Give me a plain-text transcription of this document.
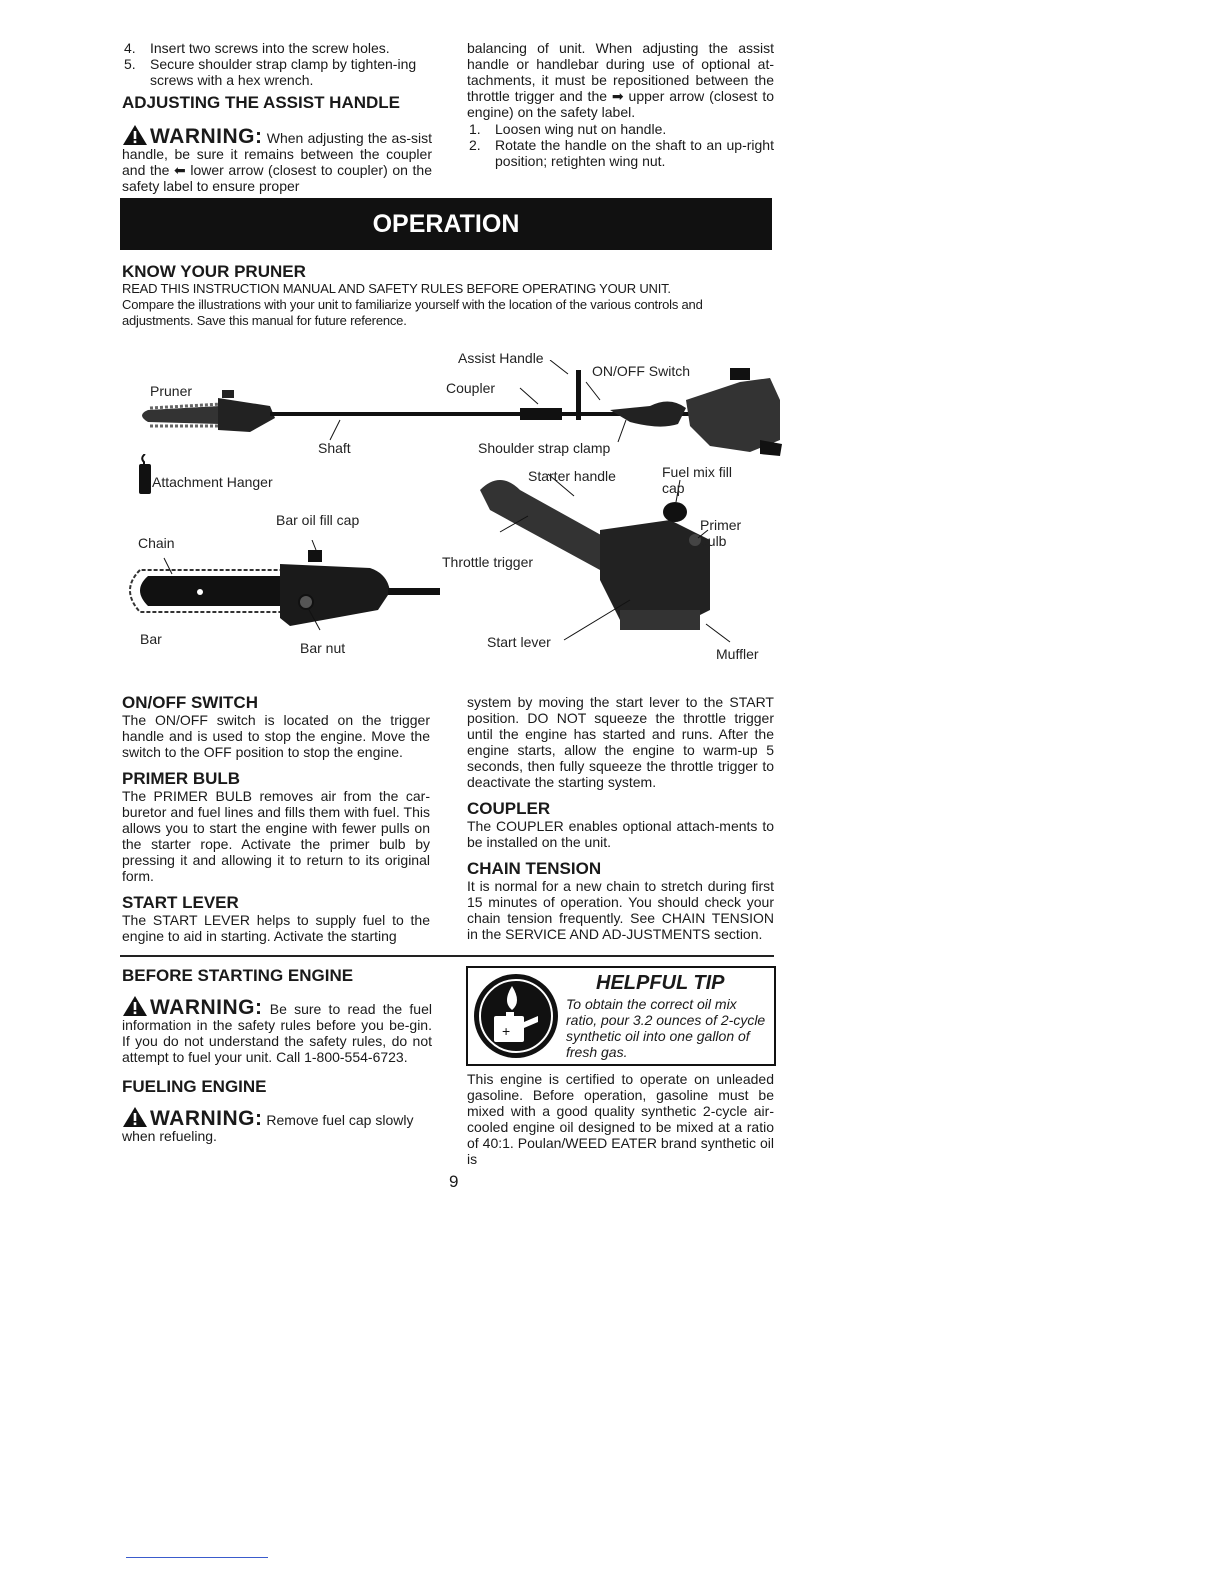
4. Insert two screws into the screw holes.
5. Secure shoulder strap clamp by tighten-ing screws with a hex wrench.
ADJUSTING THE ASSIST HANDLE

WARNING: When adjusting the as-sist handle, be sure it remains between the coupler and the ⬅ lower arrow (closest to coupler) on the safety label to ensure proper

balancing of unit. When adjusting the assist handle or handlebar during use of optional at-tachments, it must be repositioned between the throttle trigger and the ➡ upper arrow (closest to engine) on the safety label.

1. Loosen wing nut on handle.
2. Rotate the handle on the shaft to an up-right position; retighten wing nut.
OPERATION
KNOW YOUR PRUNER

READ THIS INSTRUCTION MANUAL AND SAFETY RULES BEFORE OPERATING YOUR UNIT.

Compare the illustrations with your unit to familiarize yourself with the location of the various controls and adjustments. Save this manual for future reference.

Pruner
Shaft
Assist Handle
Coupler
ON/OFF Switch
Shoulder strap clamp
Attachment Hanger
Bar oil fill cap
Chain
Bar
Bar nut
Starter handle	Fuel mix fill cap
Primer bulb
Throttle trigger
Start lever
Muffler
ON/OFF SWITCH

The ON/OFF switch is located on the trigger handle and is used to stop the engine. Move the switch to the OFF position to stop the engine.

PRIMER BULB

The PRIMER BULB removes air from the car-buretor and fuel lines and fills them with fuel. This allows you to start the engine with fewer pulls on the starter rope. Activate the primer bulb by pressing it and allowing it to return to its original form.

START LEVER

The START LEVER helps to supply fuel to the engine to aid in starting. Activate the starting

system by moving the start lever to the START position. DO NOT squeeze the throttle trigger until the engine has started and runs. After the engine starts, allow the engine to warm-up 5 seconds, then fully squeeze the throttle trigger to deactivate the starting system.

COUPLER

The COUPLER enables optional attach-ments to be installed on the unit.

CHAIN TENSION

It is normal for a new chain to stretch during first 15 minutes of operation. You should check your chain tension frequently. See CHAIN TENSION in the SERVICE AND AD-JUSTMENTS section.

BEFORE STARTING ENGINE

WARNING: Be sure to read the fuel information in the safety rules before you be-gin. If you do not understand the safety rules, do not attempt to fuel your unit. Call 1-800-554-6723.

FUELING ENGINE

WARNING: Remove fuel cap slowly when refueling.

+
HELPFUL TIP

To obtain the correct oil mix ratio, pour 3.2 ounces of 2-cycle synthetic oil into one gallon of fresh gas.

This engine is certified to operate on unleaded gasoline. Before operation, gasoline must be mixed with a good quality synthetic 2-cycle air-cooled engine oil designed to be mixed at a ratio of 40:1. Poulan/WEED EATER brand synthetic oil is

9
